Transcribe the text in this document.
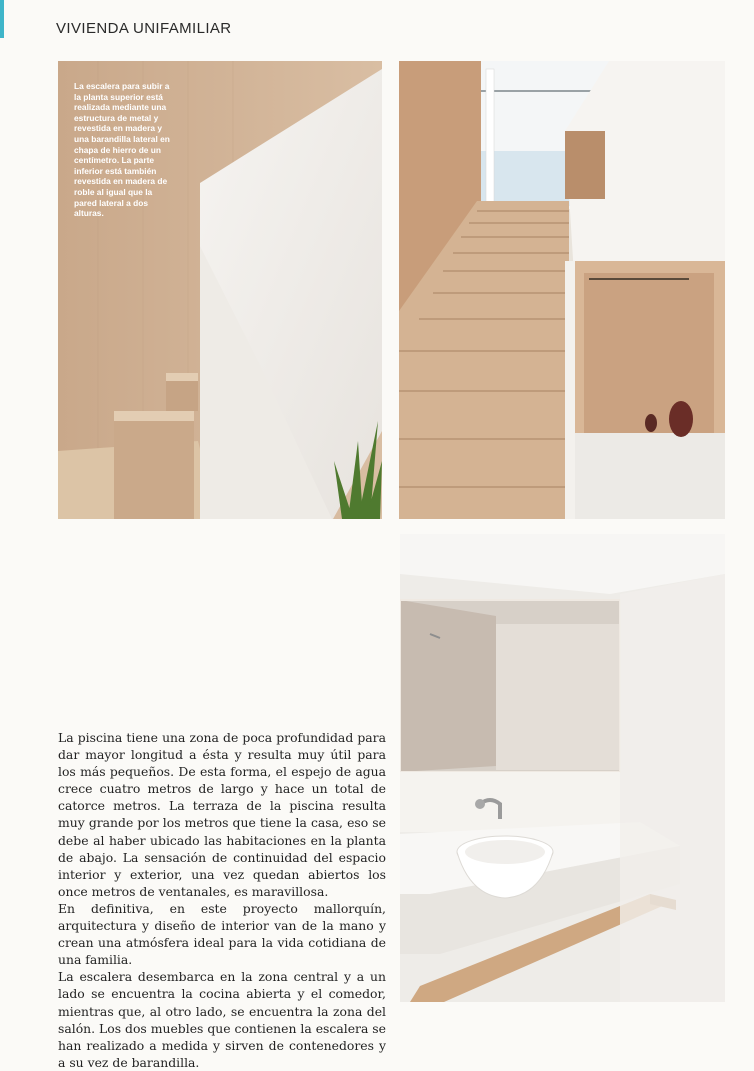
VIVIENDA UNIFAMILIAR
La escalera para subir a la planta superior está realizada mediante una estructura de metal y revestida en madera y una barandilla lateral en chapa de hierro de un centímetro. La parte inferior está también revestida en madera de roble al igual que la pared lateral a dos alturas.

La piscina tiene una zona de poca profundidad para dar mayor longitud a ésta y resulta muy útil para los más pequeños. De esta forma, el espejo de agua crece cuatro metros de largo y hace un total de catorce metros. La terraza de la piscina resulta muy grande por los metros que tiene la casa, eso se debe al haber ubicado las habitaciones en la planta de abajo. La sensación de continuidad del espacio interior y exterior, una vez quedan abiertos los once metros de ventanales, es maravillosa.

En definitiva, en este proyecto mallorquín, arquitectura y diseño de interior van de la mano y crean una atmósfera ideal para la vida cotidiana de una familia.

La escalera desembarca en la zona central y a un lado se encuentra la cocina abierta y el comedor, mientras que, al otro lado, se encuentra la zona del salón. Los dos muebles que contienen la escalera se han realizado a medida y sirven de contenedores y a su vez de barandilla.
